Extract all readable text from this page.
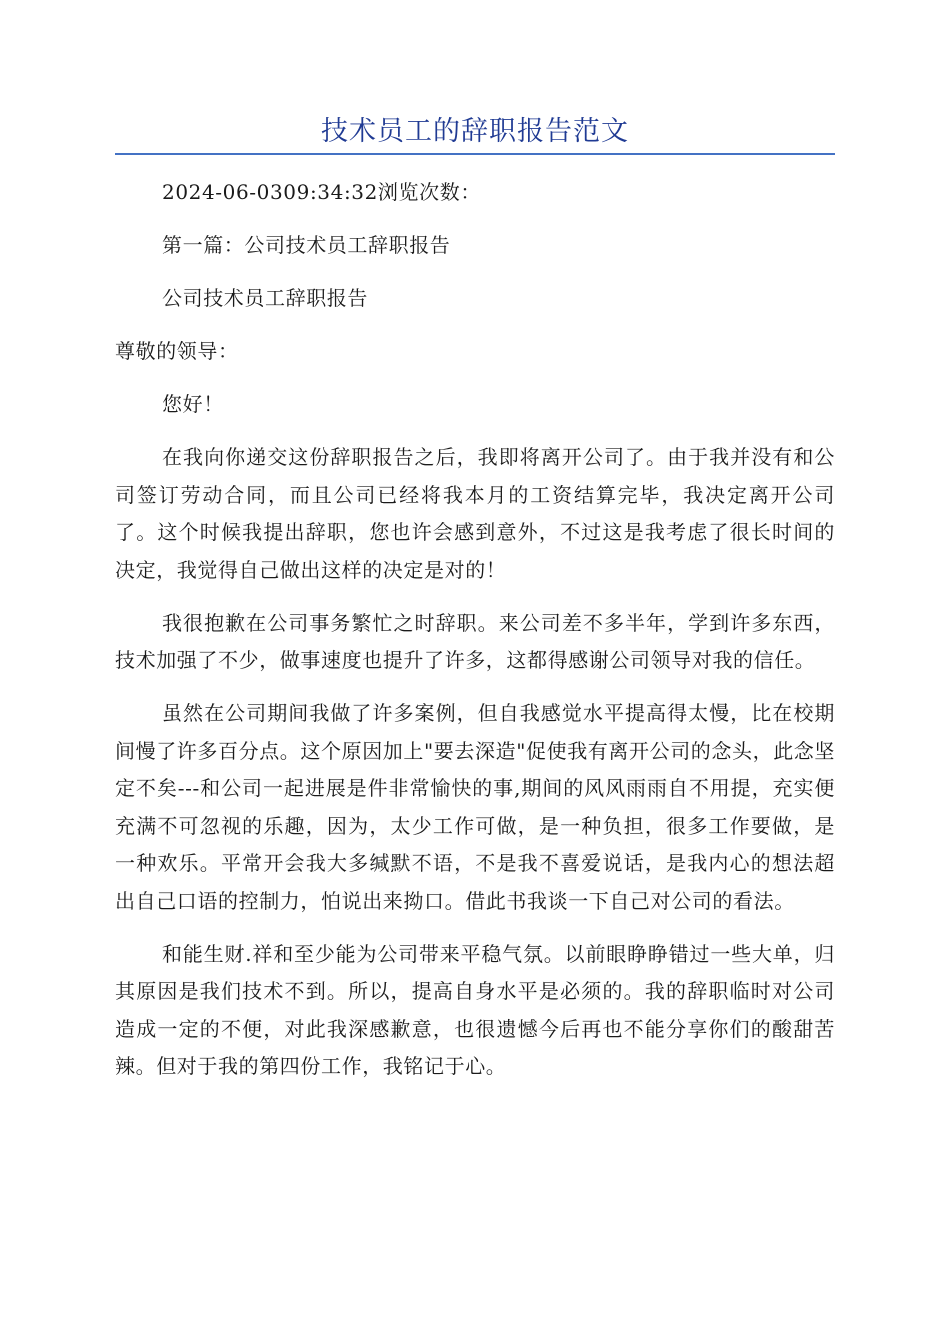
技术员工的辞职报告范文

2024-06-0309:34:32浏览次数：

第一篇：公司技术员工辞职报告

公司技术员工辞职报告

尊敬的领导：

您好！

在我向你递交这份辞职报告之后，我即将离开公司了。由于我并没有和公司签订劳动合同，而且公司已经将我本月的工资结算完毕，我决定离开公司了。这个时候我提出辞职，您也许会感到意外，不过这是我考虑了很长时间的决定，我觉得自己做出这样的决定是对的！

我很抱歉在公司事务繁忙之时辞职。来公司差不多半年，学到许多东西，技术加强了不少，做事速度也提升了许多，这都得感谢公司领导对我的信任。

虽然在公司期间我做了许多案例，但自我感觉水平提高得太慢，比在校期间慢了许多百分点。这个原因加上"要去深造"促使我有离开公司的念头，此念坚定不矣---和公司一起进展是件非常愉快的事,期间的风风雨雨自不用提，充实便充满不可忽视的乐趣，因为，太少工作可做，是一种负担，很多工作要做，是一种欢乐。平常开会我大多缄默不语，不是我不喜爱说话，是我内心的想法超出自己口语的控制力，怕说出来拗口。借此书我谈一下自己对公司的看法。

和能生财.祥和至少能为公司带来平稳气氛。以前眼睁睁错过一些大单，归其原因是我们技术不到。所以，提高自身水平是必须的。我的辞职临时对公司造成一定的不便，对此我深感歉意，也很遗憾今后再也不能分享你们的酸甜苦辣。但对于我的第四份工作，我铭记于心。
